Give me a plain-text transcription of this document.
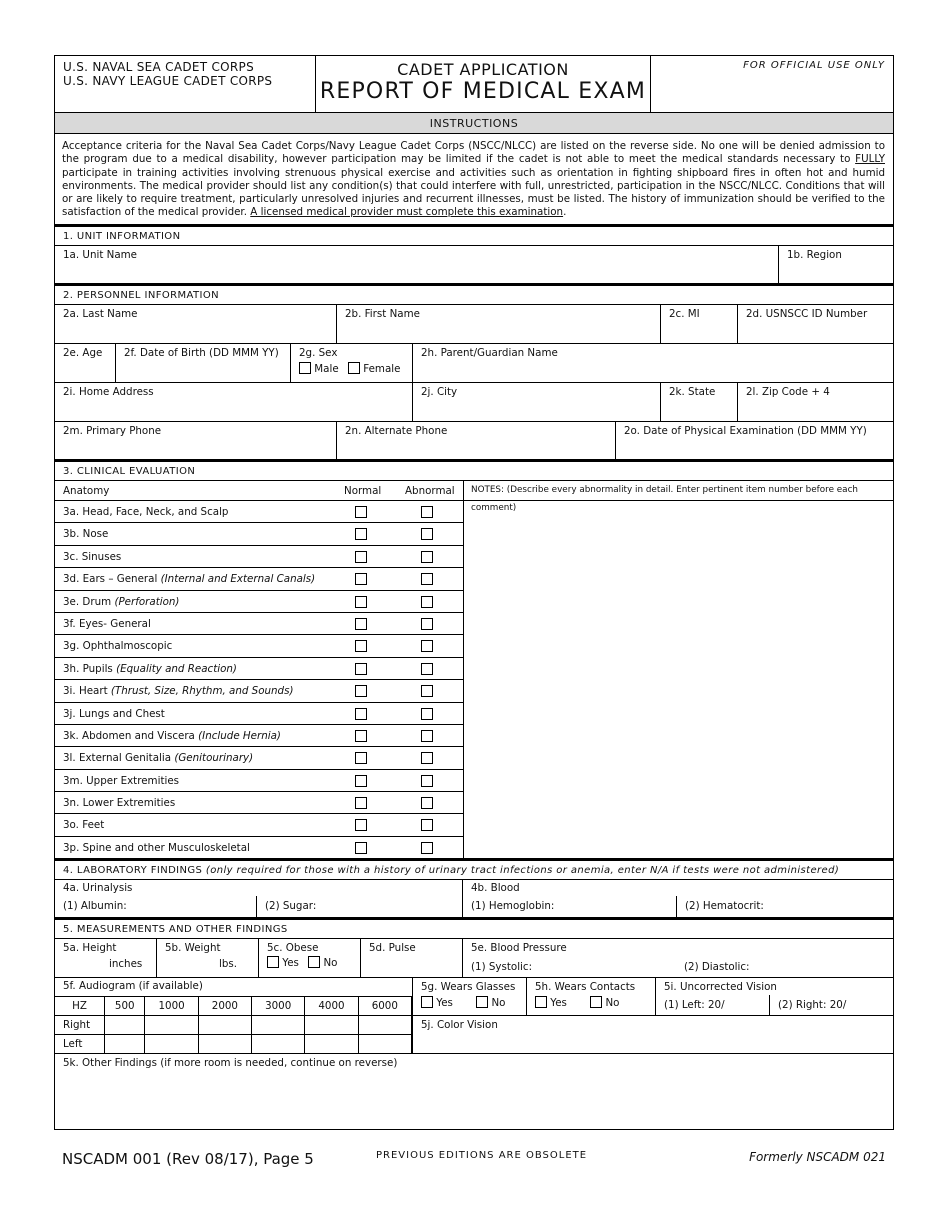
U.S. NAVAL SEA CADET CORPS
U.S. NAVY LEAGUE CADET CORPS
CADET APPLICATION
REPORT OF MEDICAL EXAM
FOR OFFICIAL USE ONLY
INSTRUCTIONS
Acceptance criteria for the Naval Sea Cadet Corps/Navy League Cadet Corps (NSCC/NLCC) are listed on the reverse side. No one will be denied admission to the program due to a medical disability, however participation may be limited if the cadet is not able to meet the medical standards necessary to FULLY participate in training activities involving strenuous physical exercise and activities such as orientation in fighting shipboard fires in often hot and humid environments. The medical provider should list any condition(s) that could interfere with full, unrestricted, participation in the NSCC/NLCC. Conditions that will or are likely to require treatment, particularly unresolved injuries and recurrent illnesses, must be listed. The history of immunization should be verified to the satisfaction of the medical provider. A licensed medical provider must complete this examination.
1. UNIT INFORMATION
1a. Unit Name	1b. Region
2. PERSONNEL INFORMATION
2a. Last Name	2b. First Name	2c. MI	2d. USNSCC ID Number
2e. Age	2f. Date of Birth (DD MMM YY)	2g. Sex
Male Female
2h. Parent/Guardian Name
2i. Home Address	2j. City	2k. State	2l. Zip Code + 4
2m. Primary Phone	2n. Alternate Phone	2o. Date of Physical Examination (DD MMM YY)
3. CLINICAL EVALUATION
Anatomy	Normal Abnormal
3a. Head, Face, Neck, and Scalp
3b. Nose
3c. Sinuses
3d. Ears – General (Internal and External Canals)
3e. Drum (Perforation)
3f. Eyes- General
3g. Ophthalmoscopic
3h. Pupils (Equality and Reaction)
3i. Heart (Thrust, Size, Rhythm, and Sounds)
3j. Lungs and Chest
3k. Abdomen and Viscera (Include Hernia)
3l. External Genitalia (Genitourinary)
3m. Upper Extremities
3n. Lower Extremities
3o. Feet
3p. Spine and other Musculoskeletal
NOTES: (Describe every abnormality in detail. Enter pertinent item number before each comment)
4. LABORATORY FINDINGS (only required for those with a history of urinary tract infections or anemia, enter N/A if tests were not administered)
4a. Urinalysis
(1) Albumin:	(2) Sugar:
4b. Blood
(1) Hemoglobin:	(2) Hematocrit:
5. MEASUREMENTS AND OTHER FINDINGS
5a. Height
inches
5b. Weight
lbs.
5c. Obese
Yes No
5d. Pulse	5e. Blood Pressure
(1) Systolic:	(2) Diastolic:
5f. Audiogram (if available)
HZ	500	1000	2000	3000	4000	6000
Right						
Left						
5g. Wears Glasses
Yes	No
5h. Wears Contacts
Yes	No
5i. Uncorrected Vision
(1) Left: 20/	(2) Right: 20/
5j. Color Vision
5k. Other Findings (if more room is needed, continue on reverse)
NSCADM 001 (Rev 08/17), Page 5	PREVIOUS EDITIONS ARE OBSOLETE	Formerly NSCADM 021
